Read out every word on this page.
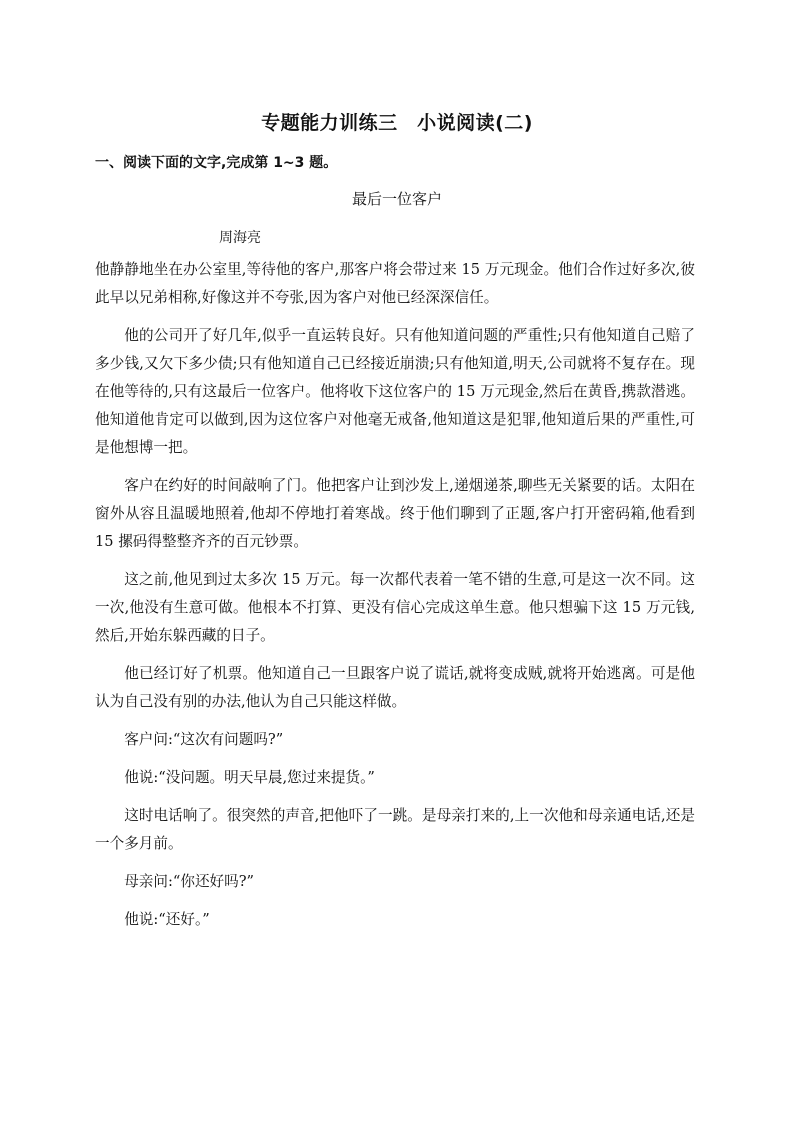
专题能力训练三　小说阅读(二)
一、阅读下面的文字,完成第 1~3 题。
最后一位客户
周海亮

他静静地坐在办公室里,等待他的客户,那客户将会带过来 15 万元现金。他们合作过好多次,彼此早以兄弟相称,好像这并不夸张,因为客户对他已经深深信任。

他的公司开了好几年,似乎一直运转良好。只有他知道问题的严重性;只有他知道自己赔了多少钱,又欠下多少债;只有他知道自己已经接近崩溃;只有他知道,明天,公司就将不复存在。现在他等待的,只有这最后一位客户。他将收下这位客户的 15 万元现金,然后在黄昏,携款潜逃。他知道他肯定可以做到,因为这位客户对他毫无戒备,他知道这是犯罪,他知道后果的严重性,可是他想博一把。

客户在约好的时间敲响了门。他把客户让到沙发上,递烟递茶,聊些无关紧要的话。太阳在窗外从容且温暖地照着,他却不停地打着寒战。终于他们聊到了正题,客户打开密码箱,他看到 15 摞码得整整齐齐的百元钞票。

这之前,他见到过太多次 15 万元。每一次都代表着一笔不错的生意,可是这一次不同。这一次,他没有生意可做。他根本不打算、更没有信心完成这单生意。他只想骗下这 15 万元钱,然后,开始东躲西藏的日子。

他已经订好了机票。他知道自己一旦跟客户说了谎话,就将变成贼,就将开始逃离。可是他认为自己没有别的办法,他认为自己只能这样做。

客户问:“这次有问题吗?”

他说:“没问题。明天早晨,您过来提货。”

这时电话响了。很突然的声音,把他吓了一跳。是母亲打来的,上一次他和母亲通电话,还是一个多月前。

母亲问:“你还好吗?”

他说:“还好。”
